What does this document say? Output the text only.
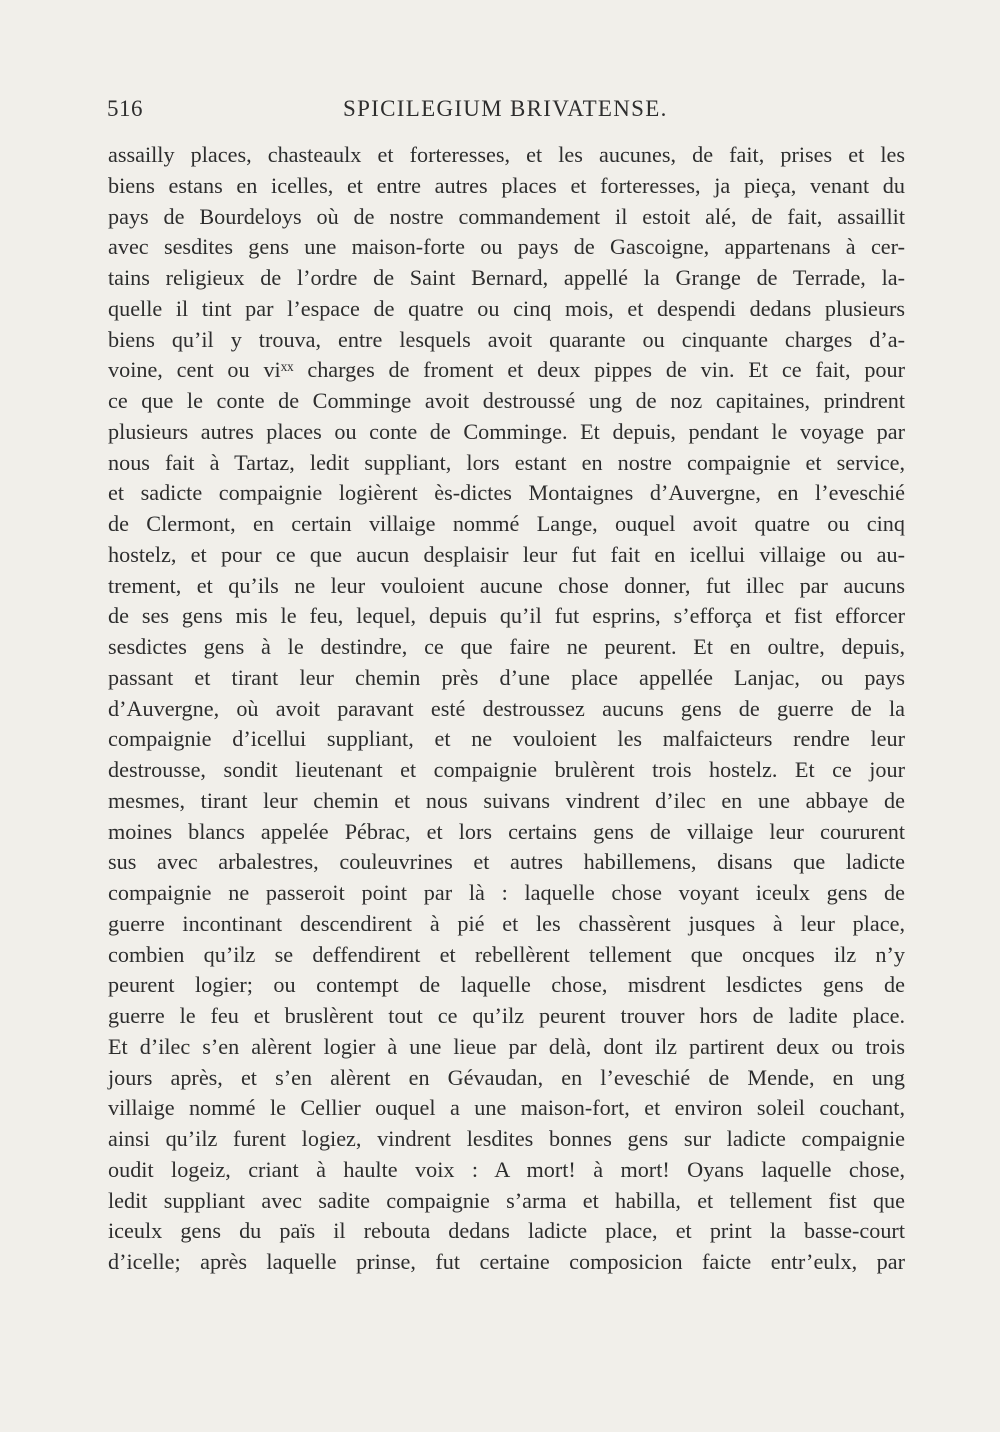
516	SPICILEGIUM BRIVATENSE.
assailly places, chasteaulx et forteresses, et les aucunes, de fait, prises et les
biens estans en icelles, et entre autres places et forteresses, ja pieça, venant du
pays de Bourdeloys où de nostre commandement il estoit alé, de fait, assaillit
avec sesdites gens une maison-forte ou pays de Gascoigne, appartenans à cer-
tains religieux de l’ordre de Saint Bernard, appellé la Grange de Terrade, la-
quelle il tint par l’espace de quatre ou cinq mois, et despendi dedans plusieurs
biens qu’il y trouva, entre lesquels avoit quarante ou cinquante charges d’a-
voine, cent ou viˣˣ charges de froment et deux pippes de vin. Et ce fait, pour
ce que le conte de Comminge avoit destroussé ung de noz capitaines, prindrent
plusieurs autres places ou conte de Comminge. Et depuis, pendant le voyage par
nous fait à Tartaz, ledit suppliant, lors estant en nostre compaignie et service,
et sadicte compaignie logièrent ès-dictes Montaignes d’Auvergne, en l’eveschié
de Clermont, en certain villaige nommé Lange, ouquel avoit quatre ou cinq
hostelz, et pour ce que aucun desplaisir leur fut fait en icellui villaige ou au-
trement, et qu’ils ne leur vouloient aucune chose donner, fut illec par aucuns
de ses gens mis le feu, lequel, depuis qu’il fut esprins, s’efforça et fist efforcer
sesdictes gens à le destindre, ce que faire ne peurent. Et en oultre, depuis,
passant et tirant leur chemin près d’une place appellée Lanjac, ou pays
d’Auvergne, où avoit paravant esté destroussez aucuns gens de guerre de la
compaignie d’icellui suppliant, et ne vouloient les malfaicteurs rendre leur
destrousse, sondit lieutenant et compaignie brulèrent trois hostelz. Et ce jour
mesmes, tirant leur chemin et nous suivans vindrent d’ilec en une abbaye de
moines blancs appelée Pébrac, et lors certains gens de villaige leur coururent
sus avec arbalestres, couleuvrines et autres habillemens, disans que ladicte
compaignie ne passeroit point par là : laquelle chose voyant iceulx gens de
guerre incontinant descendirent à pié et les chassèrent jusques à leur place,
combien qu’ilz se deffendirent et rebellèrent tellement que oncques ilz n’y
peurent logier; ou contempt de laquelle chose, misdrent lesdictes gens de
guerre le feu et bruslèrent tout ce qu’ilz peurent trouver hors de ladite place.
Et d’ilec s’en alèrent logier à une lieue par delà, dont ilz partirent deux ou trois
jours après, et s’en alèrent en Gévaudan, en l’eveschié de Mende, en ung
villaige nommé le Cellier ouquel a une maison-fort, et environ soleil couchant,
ainsi qu’ilz furent logiez, vindrent lesdites bonnes gens sur ladicte compaignie
oudit logeiz, criant à haulte voix : A mort! à mort! Oyans laquelle chose,
ledit suppliant avec sadite compaignie s’arma et habilla, et tellement fist que
iceulx gens du païs il rebouta dedans ladicte place, et print la basse-court
d’icelle; après laquelle prinse, fut certaine composicion faicte entr’eulx, par
